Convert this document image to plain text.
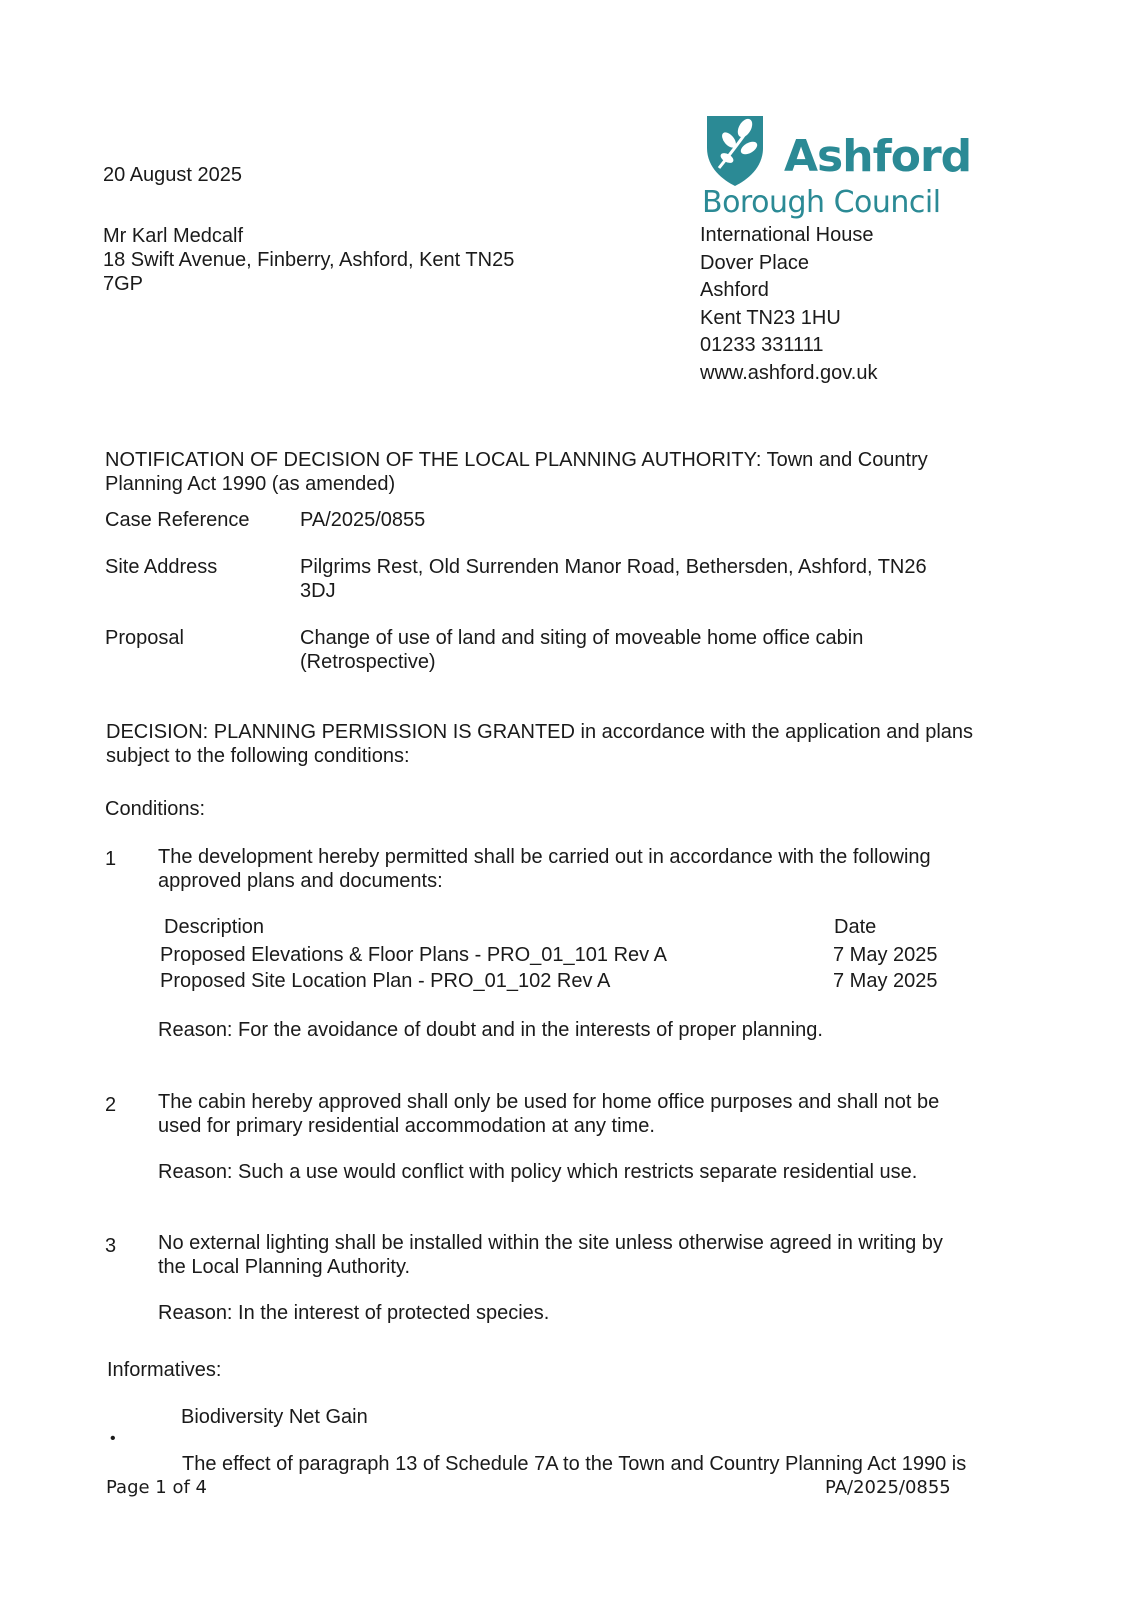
20 August 2025
Mr Karl Medcalf
18 Swift Avenue, Finberry, Ashford, Kent TN25
7GP
Ashford
Borough Council
International House
Dover Place
Ashford
Kent TN23 1HU
01233 331111
www.ashford.gov.uk
NOTIFICATION OF DECISION OF THE LOCAL PLANNING AUTHORITY: Town and Country
Planning Act 1990 (as amended)
Case Reference	PA/2025/0855
Site Address	Pilgrims Rest, Old Surrenden Manor Road, Bethersden, Ashford, TN26
3DJ
Proposal	Change of use of land and siting of moveable home office cabin
(Retrospective)
DECISION: PLANNING PERMISSION IS GRANTED in accordance with the application and plans
subject to the following conditions:
Conditions:
1	The development hereby permitted shall be carried out in accordance with the following
approved plans and documents:
Description	Date
Proposed Elevations & Floor Plans - PRO_01_101 Rev A	7 May 2025
Proposed Site Location Plan - PRO_01_102 Rev A	7 May 2025
Reason: For the avoidance of doubt and in the interests of proper planning.
2	The cabin hereby approved shall only be used for home office purposes and shall not be
used for primary residential accommodation at any time.
Reason: Such a use would conflict with policy which restricts separate residential use.
3	No external lighting shall be installed within the site unless otherwise agreed in writing by
the Local Planning Authority.
Reason: In the interest of protected species.
Informatives:
Biodiversity Net Gain
•
The effect of paragraph 13 of Schedule 7A to the Town and Country Planning Act 1990 is
Page 1 of 4	PA/2025/0855
